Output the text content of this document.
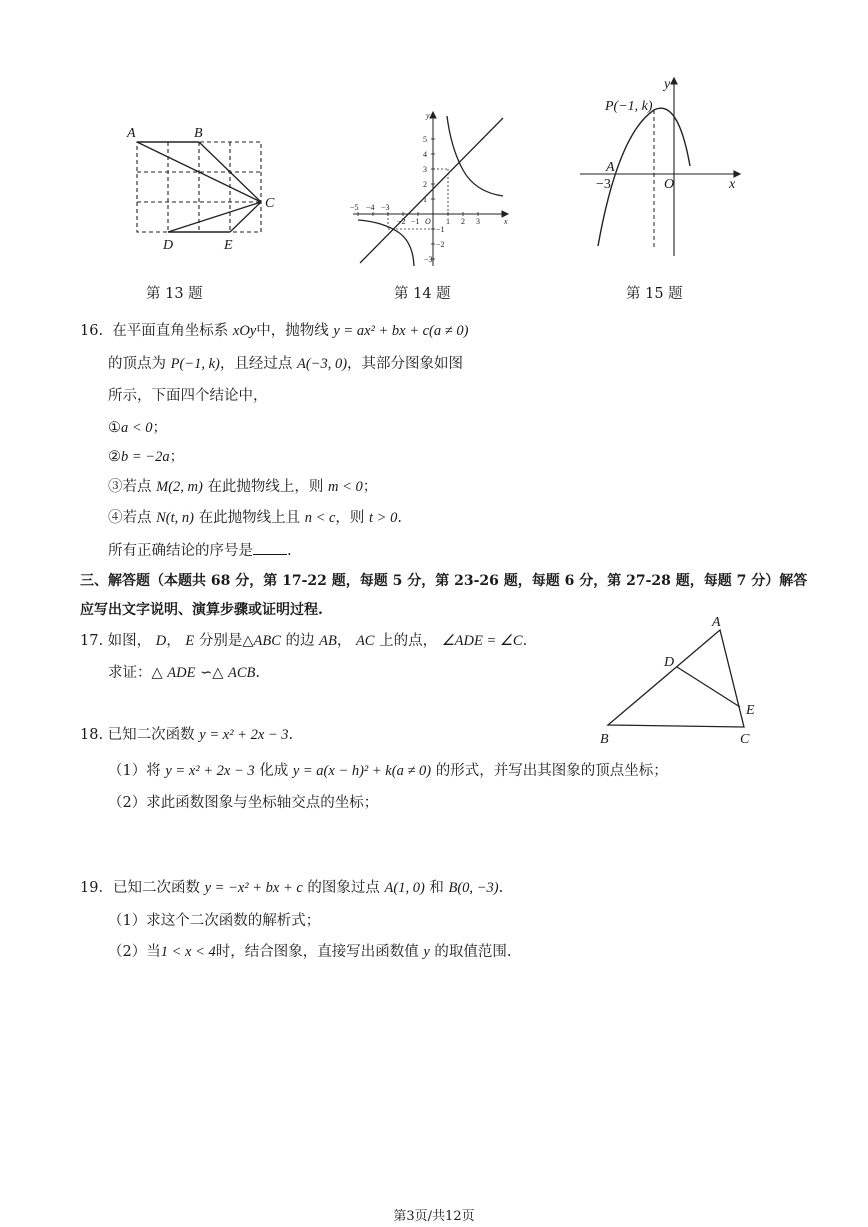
A	B
C
D	E
第 13 题
−5 −4 −3
−2 −1	1 2 3
5
4
3
2
1
−1
−2
−3
O	x
y
第 14 题
P(−1, k)
A
−3	O	x
y
第 15 题
16. 在平面直角坐标系 xOy中，抛物线 y = ax² + bx + c(a ≠ 0)
的顶点为 P(−1, k)，且经过点 A(−3, 0)，其部分图象如图
所示，下面四个结论中，
①a < 0；
②b = −2a；
③若点 M(2, m) 在此抛物线上，则 m < 0；
④若点 N(t, n) 在此抛物线上且 n < c，则 t > 0.
所有正确结论的序号是 .
三、解答题（本题共 68 分，第 17-22 题，每题 5 分，第 23-26 题，每题 6 分，第 27-28 题，每题 7 分）解答
应写出文字说明、演算步骤或证明过程.
17. 如图， D， E 分别是△ABC 的边 AB， AC 上的点， ∠ADE = ∠C.
求证：△ ADE ∽△ ACB.
A
D
E
B	C
18. 已知二次函数 y = x² + 2x − 3.
（1）将 y = x² + 2x − 3 化成 y = a(x − h)² + k(a ≠ 0) 的形式，并写出其图象的顶点坐标；
（2）求此函数图象与坐标轴交点的坐标；
19．已知二次函数 y = −x² + bx + c 的图象过点 A(1, 0) 和 B(0, −3).
（1）求这个二次函数的解析式；
（2）当1 < x < 4时，结合图象，直接写出函数值 y 的取值范围.
第3页/共12页
